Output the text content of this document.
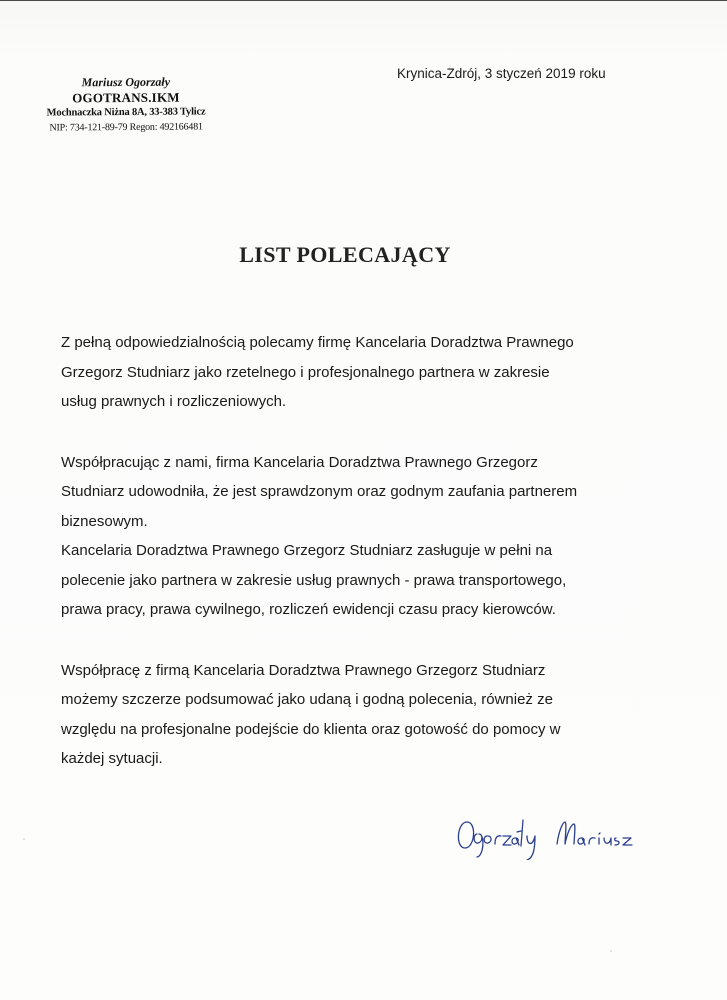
Mariusz Ogorzały
OGOTRANS.IKM
Mochnaczka Niżna 8A, 33-383 Tylicz
NIP: 734-121-89-79 Regon: 492166481
Krynica-Zdrój, 3 styczeń 2019 roku
LIST POLECAJĄCY

Z pełną odpowiedzialnością polecamy firmę Kancelaria Doradztwa Prawnego
Grzegorz Studniarz jako rzetelnego i profesjonalnego partnera w zakresie
usług prawnych i rozliczeniowych.

Współpracując z nami, firma Kancelaria Doradztwa Prawnego Grzegorz
Studniarz udowodniła, że jest sprawdzonym oraz godnym zaufania partnerem
biznesowym.
Kancelaria Doradztwa Prawnego Grzegorz Studniarz zasługuje w pełni na
polecenie jako partnera w zakresie usług prawnych - prawa transportowego,
prawa pracy, prawa cywilnego, rozliczeń ewidencji czasu pracy kierowców.

Współpracę z firmą Kancelaria Doradztwa Prawnego Grzegorz Studniarz
możemy szczerze podsumować jako udaną i godną polecenia, również ze
względu na profesjonalne podejście do klienta oraz gotowość do pomocy w
każdej sytuacji.
